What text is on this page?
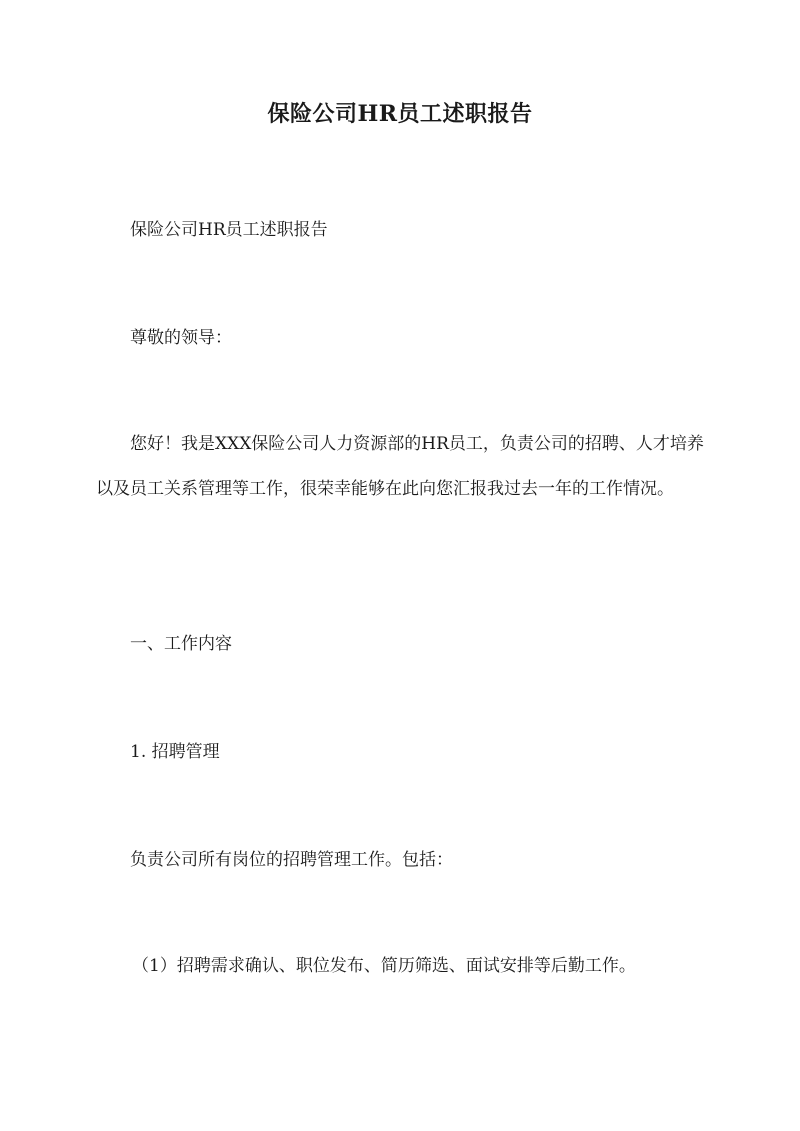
保险公司HR员工述职报告
保险公司HR员工述职报告
尊敬的领导：
您好！我是XXX保险公司人力资源部的HR员工，负责公司的招聘、人才培养以及员工关系管理等工作，很荣幸能够在此向您汇报我过去一年的工作情况。
一、工作内容
1. 招聘管理
负责公司所有岗位的招聘管理工作。包括：
（1）招聘需求确认、职位发布、简历筛选、面试安排等后勤工作。
